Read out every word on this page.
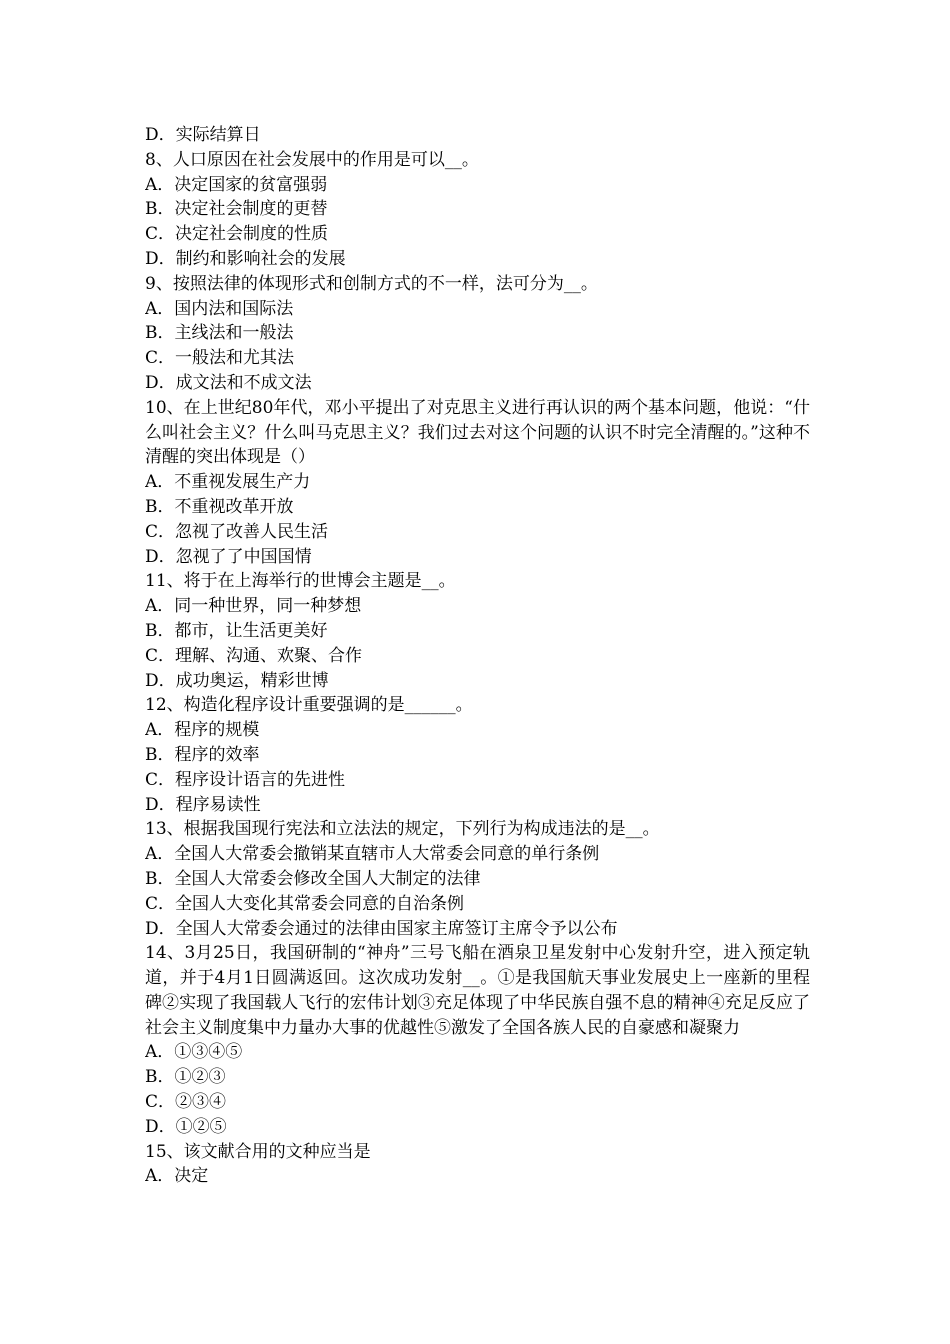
D．实际结算日
8、人口原因在社会发展中的作用是可以__。
A．决定国家的贫富强弱
B．决定社会制度的更替
C．决定社会制度的性质
D．制约和影响社会的发展
9、按照法律的体现形式和创制方式的不一样，法可分为__。
A．国内法和国际法
B．主线法和一般法
C．一般法和尤其法
D．成文法和不成文法
10、在上世纪80年代，邓小平提出了对克思主义进行再认识的两个基本问题，他说：“什么叫社会主义？什么叫马克思主义？我们过去对这个问题的认识不时完全清醒的。”这种不清醒的突出体现是（）
A．不重视发展生产力
B．不重视改革开放
C．忽视了改善人民生活
D．忽视了了中国国情
11、将于在上海举行的世博会主题是__。
A．同一种世界，同一种梦想
B．都市，让生活更美好
C．理解、沟通、欢聚、合作
D．成功奥运，精彩世博
12、构造化程序设计重要强调的是______。
A．程序的规模
B．程序的效率
C．程序设计语言的先进性
D．程序易读性
13、根据我国现行宪法和立法法的规定，下列行为构成违法的是__。
A．全国人大常委会撤销某直辖市人大常委会同意的单行条例
B．全国人大常委会修改全国人大制定的法律
C．全国人大变化其常委会同意的自治条例
D．全国人大常委会通过的法律由国家主席签订主席令予以公布
14、3月25日，我国研制的“神舟”三号飞船在酒泉卫星发射中心发射升空，进入预定轨道，并于4月1日圆满返回。这次成功发射__。①是我国航天事业发展史上一座新的里程碑②实现了我国载人飞行的宏伟计划③充足体现了中华民族自强不息的精神④充足反应了社会主义制度集中力量办大事的优越性⑤激发了全国各族人民的自豪感和凝聚力
A．①③④⑤
B．①②③
C．②③④
D．①②⑤
15、该文献合用的文种应当是
A．决定
